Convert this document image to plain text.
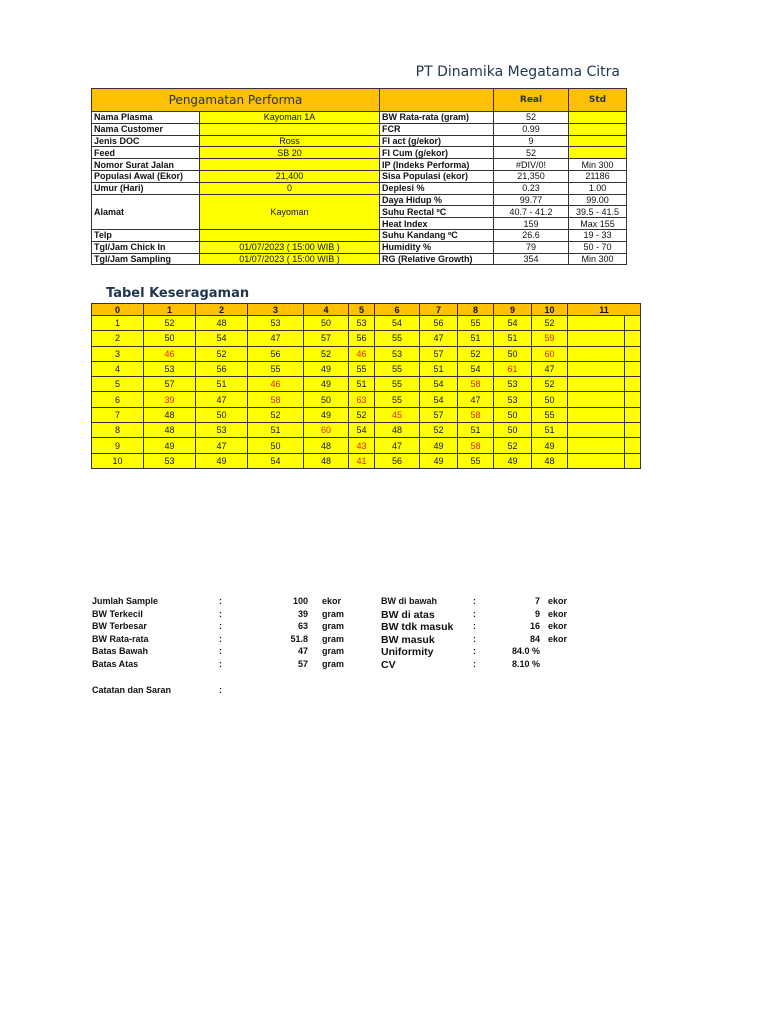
PT Dinamika Megatama Citra
Pengamatan Performa			Real	Std
Nama Plasma	Kayoman 1A	BW Rata-rata (gram)	52	
Nama Customer		FCR	0.99	
Jenis DOC	Ross	FI act (g/ekor)	9	
Feed	SB 20	FI Cum (g/ekor)	52	
Nomor Surat Jalan		IP (Indeks Performa)	#DIV/0!	Min 300
Populasi Awal (Ekor)	21,400	Sisa Populasi (ekor)	21,350	21186
Umur (Hari)	0	Deplesi %	0.23	1.00
Alamat	Kayoman	Daya Hidup %	99.77	99.00
		Suhu Rectal ºC	40.7 - 41.2	39.5 - 41.5
		Heat Index	159	Max 155
Telp		Suhu Kandang ºC	26.6	19 - 33
Tgl/Jam Chick In	01/07/2023 ( 15:00 WIB )	Humidity %	79	50 - 70
Tgl/Jam Sampling	01/07/2023 ( 15:00 WIB )	RG (Relative Growth)	354	Min 300
Tabel Keseragaman
0	1	2	3	4	5	6	7	8	9	10	11	
1	52	48	53	50	53	54	56	55	54	52		
2	50	54	47	57	56	55	47	51	51	59		
3	46	52	56	52	46	53	57	52	50	60		
4	53	56	55	49	55	55	51	54	61	47		
5	57	51	46	49	51	55	54	58	53	52		
6	39	47	58	50	63	55	54	47	53	50		
7	48	50	52	49	52	45	57	58	50	55		
8	48	53	51	60	54	48	52	51	50	51		
9	49	47	50	48	43	47	49	58	52	49		
10	53	49	54	48	41	56	49	55	49	48		
Jumlah Sample	:	100 ekor
BW Terkecil	:	39 gram
BW Terbesar	:	63 gram
BW Rata-rata	:	51.8 gram
Batas Bawah	:	47 gram
Batas Atas	:	57 gram
BW di bawah	:	7 ekor
BW di atas	:	9 ekor
BW tdk masuk :	16 ekor
BW masuk	:	84 ekor
Uniformity	:	84.0 %
CV	:	8.10 %
Catatan dan Saran	:
